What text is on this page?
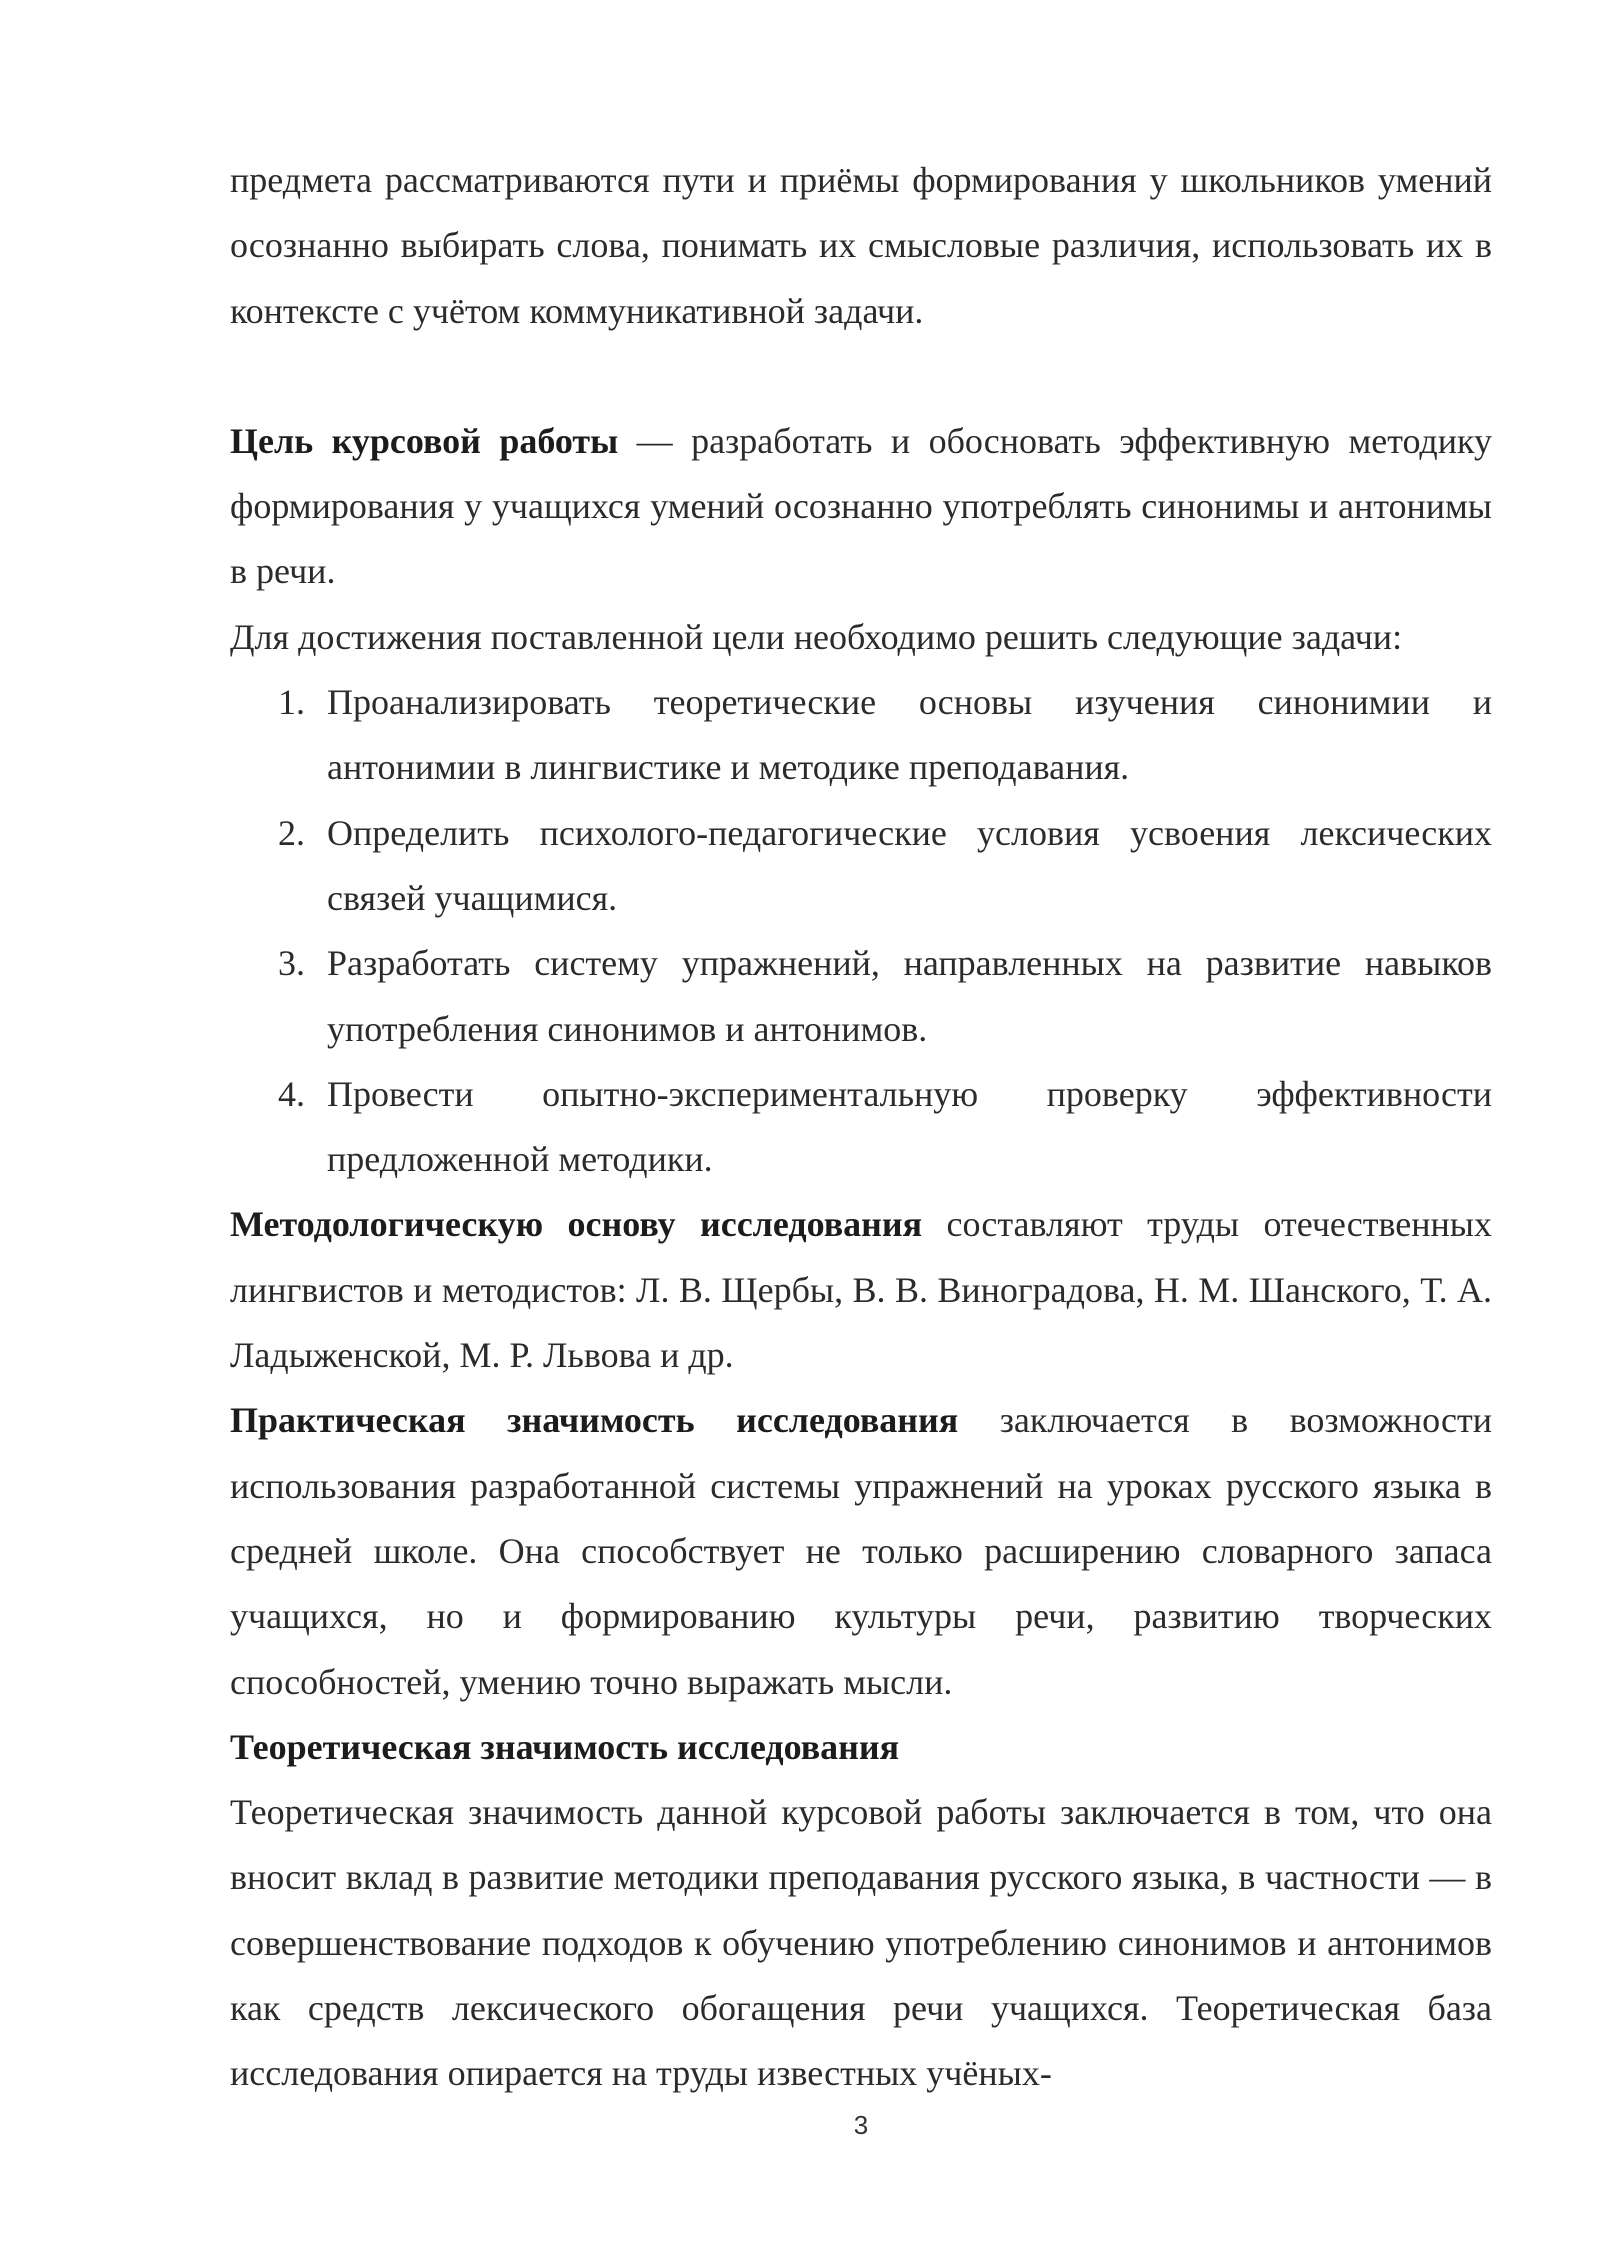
предмета рассматриваются пути и приёмы формирования у школьников умений осознанно выбирать слова, понимать их смысловые различия, использовать их в контексте с учётом коммуникативной задачи.

Цель курсовой работы — разработать и обосновать эффективную методику формирования у учащихся умений осознанно употреблять синонимы и антонимы в речи.

Для достижения поставленной цели необходимо решить следующие задачи:

1. Проанализировать теоретические основы изучения синонимии и антонимии в лингвистике и методике преподавания.
2. Определить психолого-педагогические условия усвоения лексических связей учащимися.
3. Разработать систему упражнений, направленных на развитие навыков употребления синонимов и антонимов.
4. Провести опытно-экспериментальную проверку эффективности предложенной методики.

Методологическую основу исследования составляют труды отечественных лингвистов и методистов: Л. В. Щербы, В. В. Виноградова, Н. М. Шанского, Т. А. Ладыженской, М. Р. Львова и др.

Практическая значимость исследования заключается в возможности использования разработанной системы упражнений на уроках русского языка в средней школе. Она способствует не только расширению словарного запаса учащихся, но и формированию культуры речи, развитию творческих способностей, умению точно выражать мысли.

Теоретическая значимость исследования

Теоретическая значимость данной курсовой работы заключается в том, что она вносит вклад в развитие методики преподавания русского языка, в частности — в совершенствование подходов к обучению употреблению синонимов и антонимов как средств лексического обогащения речи учащихся. Теоретическая база исследования опирается на труды известных учёных-

3
